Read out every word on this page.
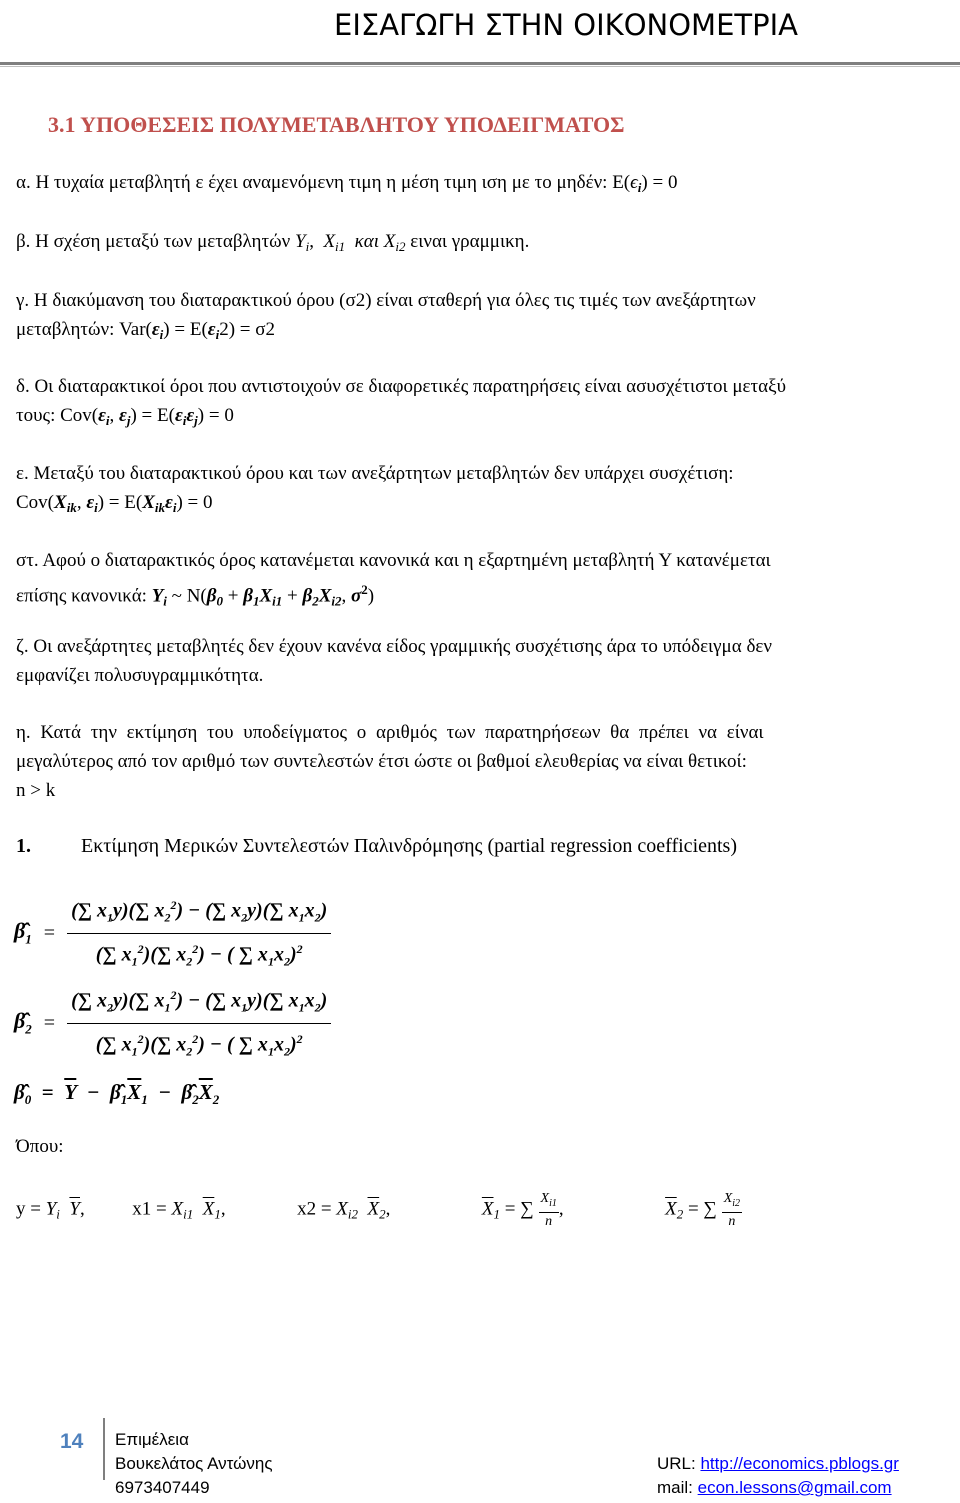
ΕΙΣΑΓΩΓΗ ΣΤΗΝ ΟΙΚΟΝΟΜΕΤΡΙΑ
3.1 ΥΠΟΘΕΣΕΙΣ ΠΟΛΥΜΕΤΑΒΛΗΤΟΥ ΥΠΟΔΕΙΓΜΑΤΟΣ
α. Η τυχαία μεταβλητή ε έχει αναμενόμενη τιμη η μέση τιμη ιση με το μηδέν: $E(\epsilon_i) = 0$
β. Η σχέση μεταξύ των μεταβλητών $Y_i$,  $X_{i1}$ και $X_{i2}$ ειναι γραμμικη.
γ. Η διακύμανση του διαταρακτικού όρου (σ2) είναι σταθερή για όλες τις τιμές των ανεξάρτητων
μεταβλητών: $Var(\varepsilon_i) = E(\varepsilon_i2) = \sigma 2$
δ. Οι διαταρακτικοί όροι που αντιστοιχούν σε διαφορετικές παρατηρήσεις είναι ασυσχέτιστοι μεταξύ
τους: $Cov(\varepsilon_i$, $\varepsilon_j) = E(\varepsilon_i\varepsilon_j) = 0$
ε. Μεταξύ του διαταρακτικού όρου και των ανεξάρτητων μεταβλητών δεν υπάρχει συσχέτιση:
$Cov(X_{ik}$, $\varepsilon_i) = E(X_{ik}\varepsilon_i) = 0$
στ. Αφού ο διαταρακτικός όρος κατανέμεται κανονικά και η εξαρτημένη μεταβλητή Υ κατανέμεται
επίσης κανονικά: $Y_i$ ~ $N(\beta_0 + \beta_1X_{i1} + \beta_2X_{i2}$, $\sigma^2$)
ζ. Οι ανεξάρτητες μεταβλητές δεν έχουν κανένα είδος γραμμικής συσχέτισης άρα το υπόδειγμα δεν
εμφανίζει πολυσυγραμμικότητα.
η. Κατά την εκτίμηση του υποδείγματος ο αριθμός των παρατηρήσεων θα πρέπει να είναι
μεγαλύτερος από τον αριθμό των συντελεστών έτσι ώστε οι βαθμοί ελευθερίας να είναι θετικοί:
n > k
1.	Εκτίμηση Μερικών Συντελεστών Παλινδρόμησης (partial regression coefficients)
$\betâ_1 = \frac{(\sum x_1y)(\sum x_2^2) - (\sum x_2y)(\sum x_1x_2)}{(\sum x_1^2)(\sum x_2^2) - ( \sum x_1x_2)^2}$
$\betâ_2 = \frac{(\sum x_2y)(\sum x_1^2) - (\sum x_1y)(\sum x_1x_2)}{(\sum x_1^2)(\sum x_2^2) - ( \sum x_1x_2)^2}$
$\betâ_0 = \overline{Y}$  −  $\betâ_1\overline{X}_1$  −  $\betâ_2\overline{X}_2$
Όπου:
$y = Y_i$ $\overline{Y}$,  $x1 = X_{i1}$ $\overline{X}_1$,	$x2 = X_{i2}$ $\overline{X}_2$,	$\overline{X}_1$ = ∑ $\frac{X_{i1}}{n}$ ,	$\overline{X}_2$ = ∑ $\frac{X_{i2}}{n}$
14 Επιμέλεια
Βουκελάτος Αντώνης
6973407449
URL: http://economics.pblogs.gr
mail: econ.lessons@gmail.com
